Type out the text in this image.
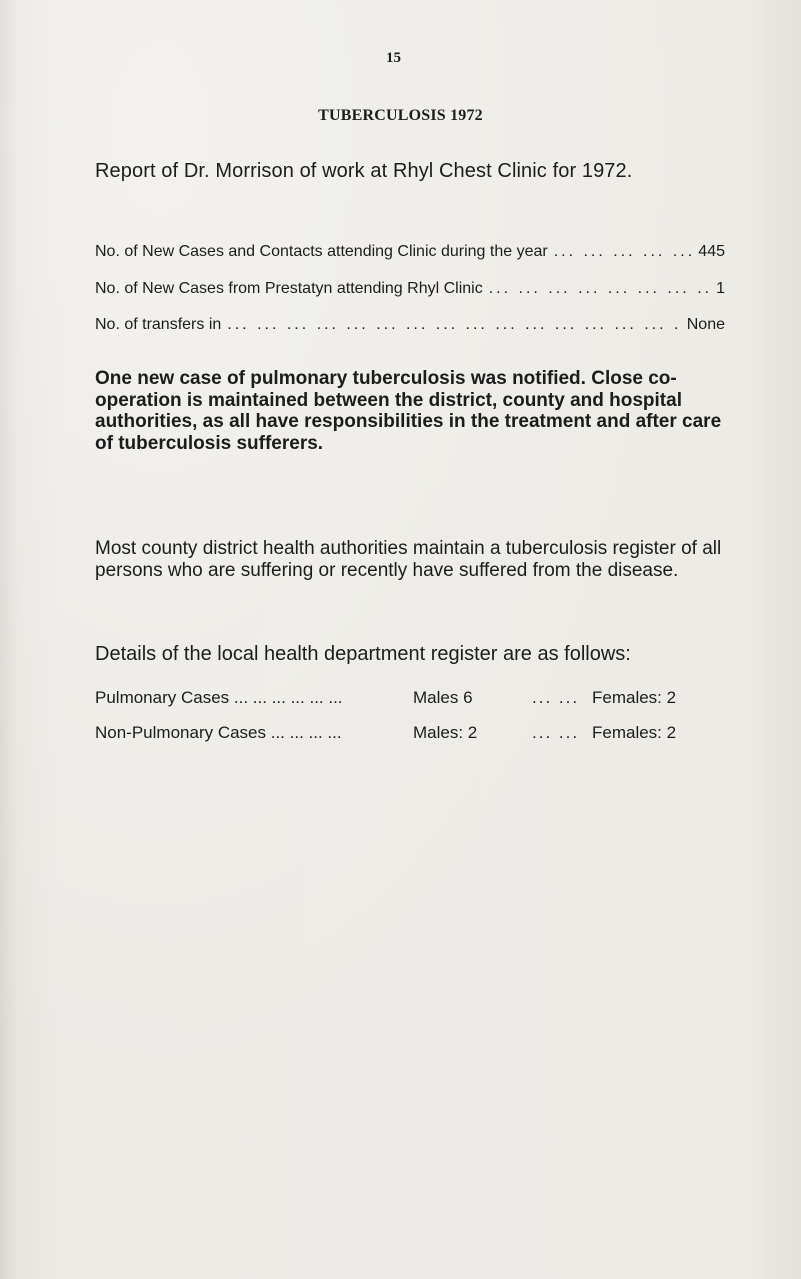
15
TUBERCULOSIS 1972
Report of Dr. Morrison of work at Rhyl Chest Clinic for 1972.
No. of New Cases and Contacts attending Clinic during the year ... .	445
No. of New Cases from Prestatyn attending Rhyl Clinic ... .	1
No. of transfers in ... .	None
One new case of pulmonary tuberculosis was notified. Close co-operation is maintained between the district, county and hospital authorities, as all have responsibilities in the treatment and after care of tuberculosis sufferers.
Most county district health authorities maintain a tuberculosis register of all persons who are suffering or recently have suffered from the disease.
Details of the local health department register are as follows:
Pulmonary Cases ... ... ... ... ... ...	Males 6	... ... Females: 2
Non-Pulmonary Cases ... ... ... ...	Males: 2	... ... Females: 2
